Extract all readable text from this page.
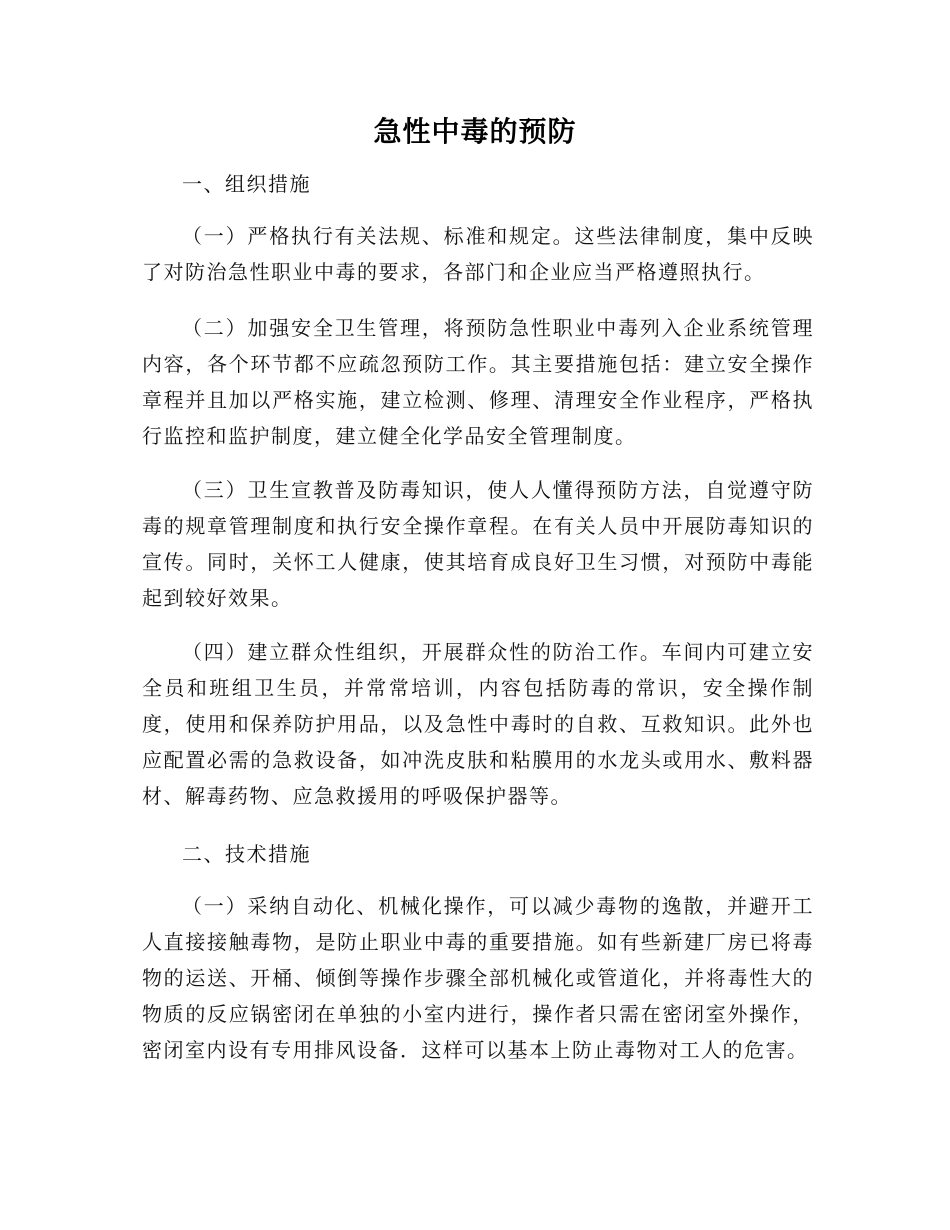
急性中毒的预防

一、组织措施

（一）严格执行有关法规、标准和规定。这些法律制度，集中反映了对防治急性职业中毒的要求，各部门和企业应当严格遵照执行。

（二）加强安全卫生管理，将预防急性职业中毒列入企业系统管理内容，各个环节都不应疏忽预防工作。其主要措施包括：建立安全操作章程并且加以严格实施，建立检测、修理、清理安全作业程序，严格执行监控和监护制度，建立健全化学品安全管理制度。

（三）卫生宣教普及防毒知识，使人人懂得预防方法，自觉遵守防毒的规章管理制度和执行安全操作章程。在有关人员中开展防毒知识的宣传。同时，关怀工人健康，使其培育成良好卫生习惯，对预防中毒能起到较好效果。

（四）建立群众性组织，开展群众性的防治工作。车间内可建立安全员和班组卫生员，并常常培训，内容包括防毒的常识，安全操作制度，使用和保养防护用品，以及急性中毒时的自救、互救知识。此外也应配置必需的急救设备，如冲洗皮肤和粘膜用的水龙头或用水、敷料器材、解毒药物、应急救援用的呼吸保护器等。

二、技术措施

（一）采纳自动化、机械化操作，可以减少毒物的逸散，并避开工人直接接触毒物，是防止职业中毒的重要措施。如有些新建厂房已将毒物的运送、开桶、倾倒等操作步骤全部机械化或管道化，并将毒性大的物质的反应锅密闭在单独的小室内进行，操作者只需在密闭室外操作，密闭室内设有专用排风设备．这样可以基本上防止毒物对工人的危害。
